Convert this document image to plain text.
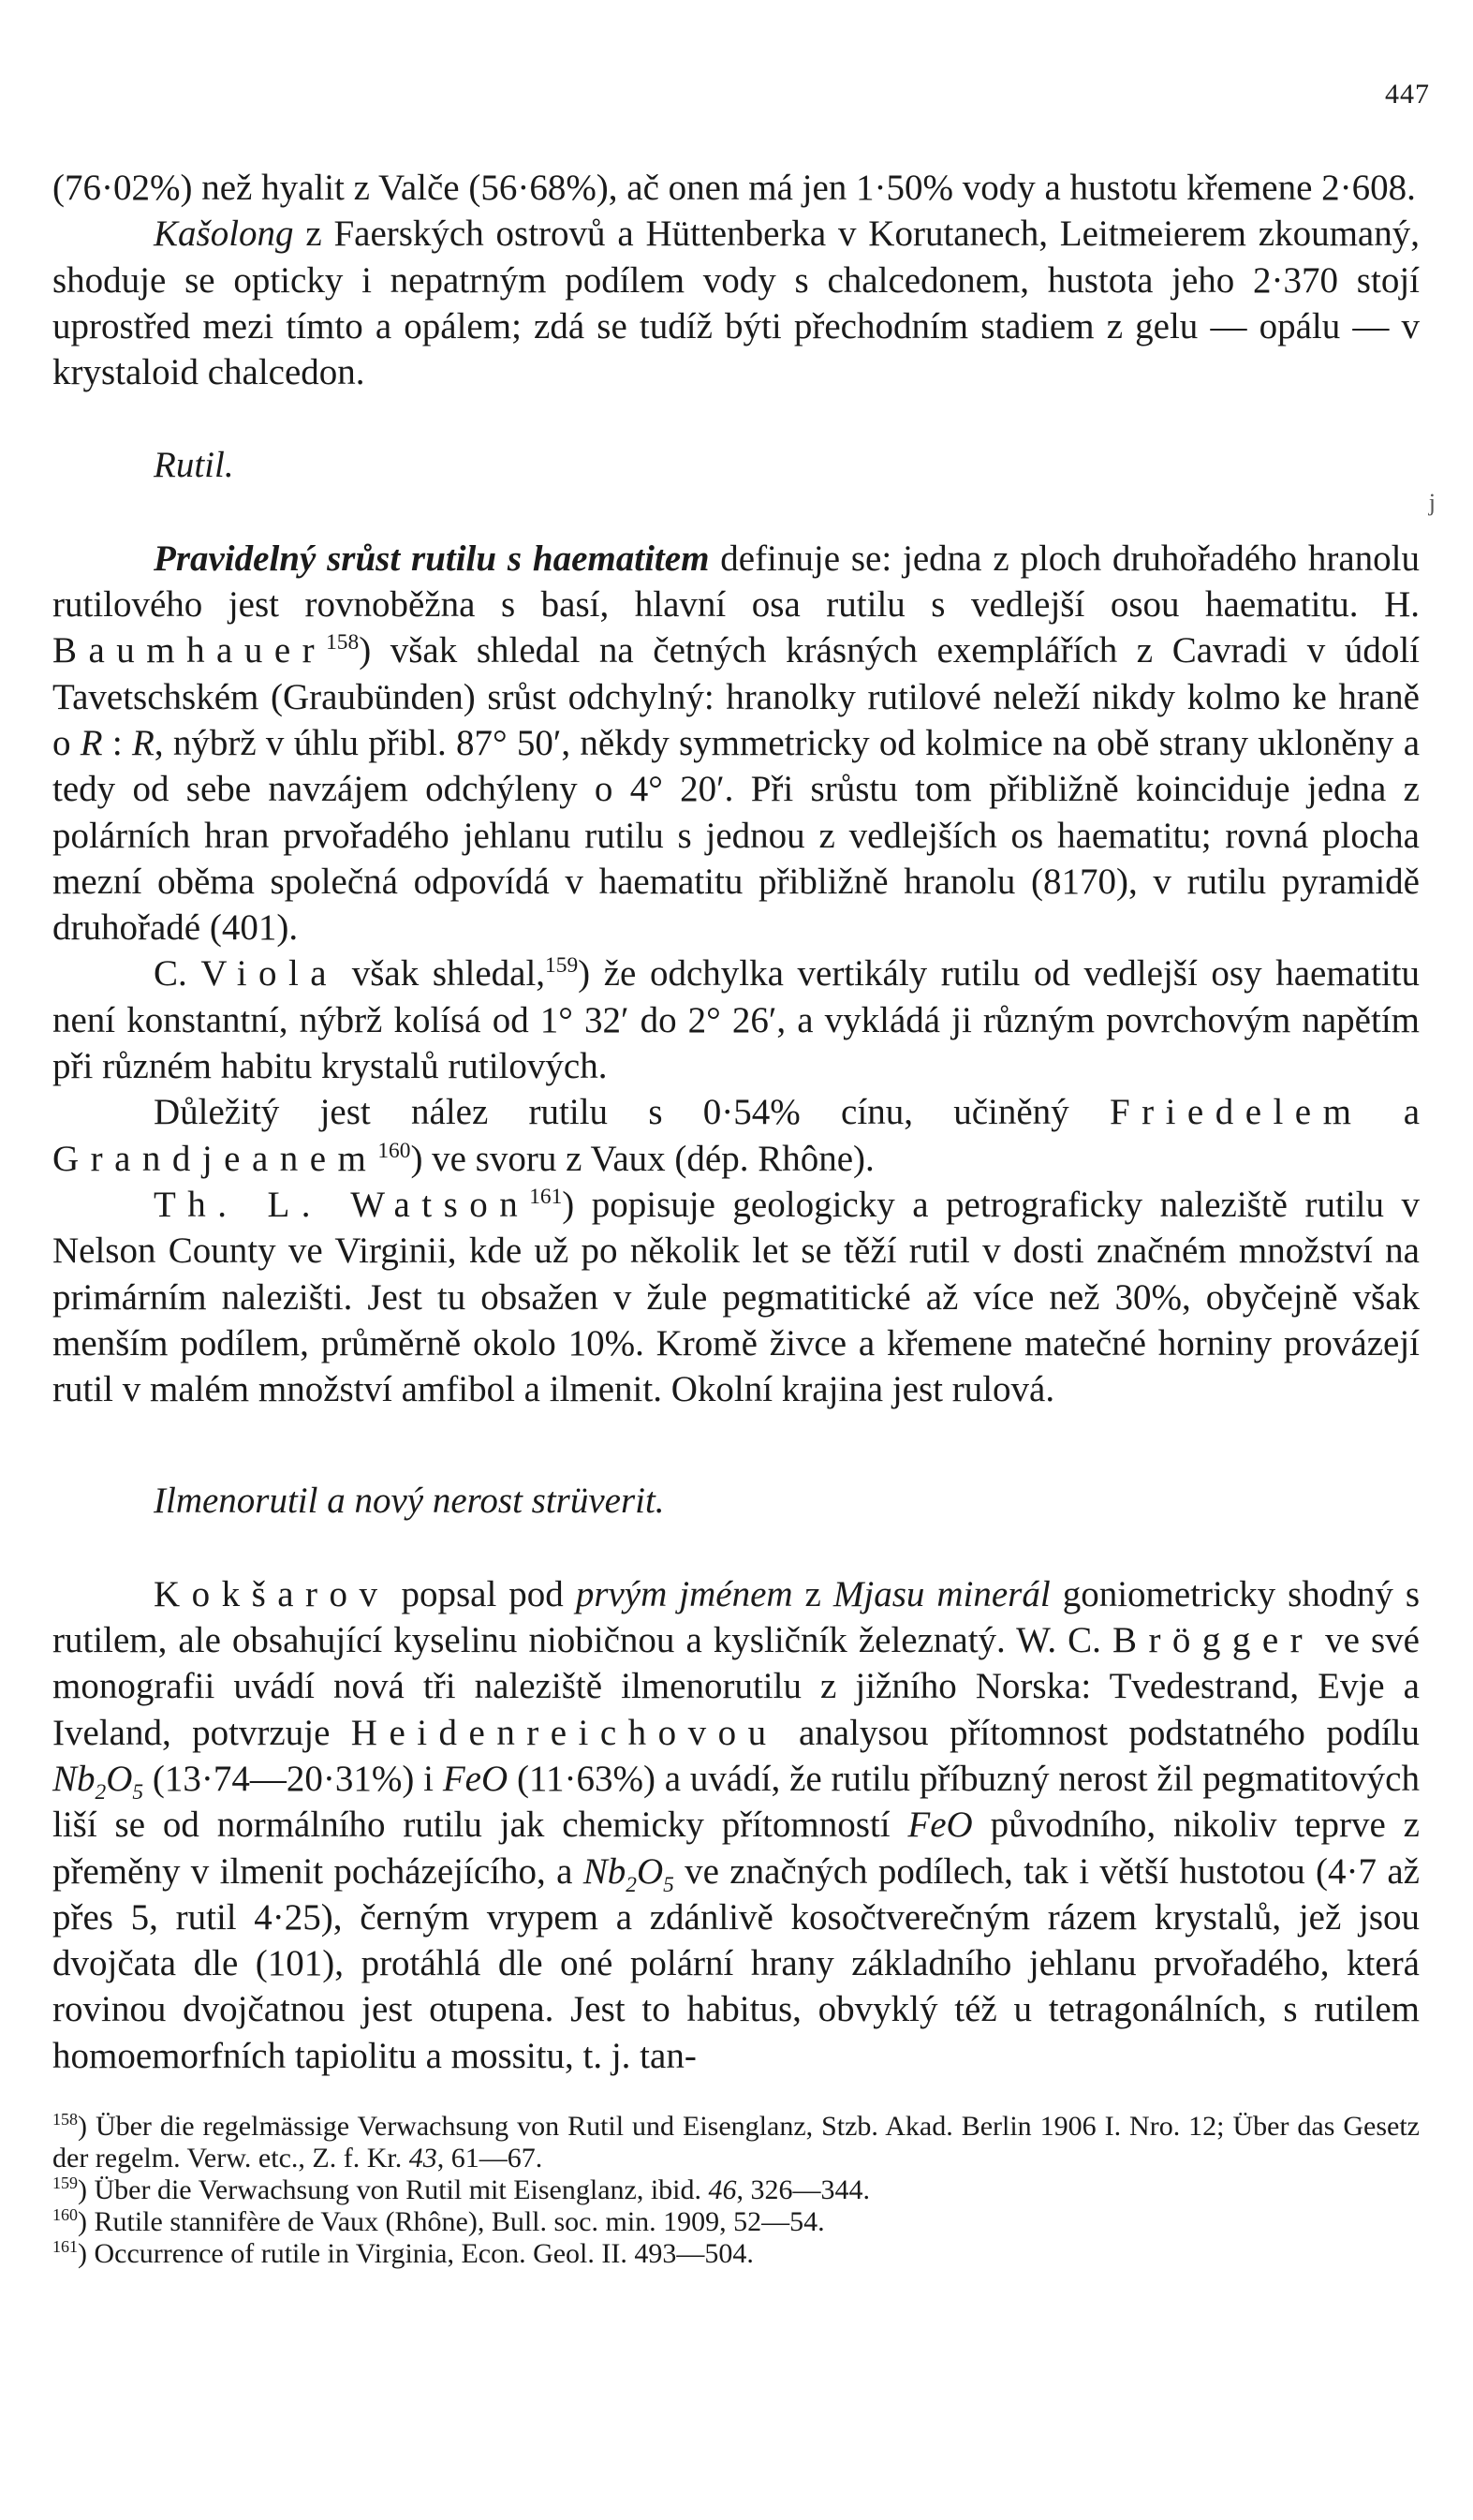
447
j

(76·02%) než hyalit z Valče (56·68%), ač onen má jen 1·50% vody a hustotu křemene 2·608.

Kašolong z Faerských ostrovů a Hüttenberka v Korutanech, Leitmeierem zkoumaný, shoduje se opticky i nepatrným podílem vody s chalcedonem, hustota jeho 2·370 stojí uprostřed mezi tímto a opálem; zdá se tudíž býti přechodním stadiem z gelu — opálu — v krystaloid chalcedon.

Rutil.

Pravidelný srůst rutilu s haematitem definuje se: jedna z ploch druhořadého hranolu rutilového jest rovnoběžna s basí, hlavní osa rutilu s vedlejší osou haematitu. H. Baumhauer$^{158}$) však shledal na četných krásných exemplářích z Cavradi v údolí Tavetschském (Graubünden) srůst odchylný: hranolky rutilové neleží nikdy kolmo ke hraně o R : R, nýbrž v úhlu přibl. 87° 50′, někdy symmetricky od kolmice na obě strany ukloněny a tedy od sebe navzájem odchýleny o 4° 20′. Při srůstu tom přibližně koinciduje jedna z polárních hran prvořadého jehlanu rutilu s jednou z vedlejších os haematitu; rovná plocha mezní oběma společná odpovídá v haematitu přibližně hranolu (8170), v rutilu pyramidě druhořadé (401).

C. Viola však shledal,$^{159}$) že odchylka vertikály rutilu od vedlejší osy haematitu není konstantní, nýbrž kolísá od 1° 32′ do 2° 26′, a vykládá ji různým povrchovým napětím při různém habitu krystalů rutilových.

Důležitý jest nález rutilu s 0·54% cínu, učiněný Friedelem a Grandjeanem$^{160}$) ve svoru z Vaux (dép. Rhône).

Th. L. Watson$^{161}$) popisuje geologicky a petrograficky naleziště rutilu v Nelson County ve Virginii, kde už po několik let se těží rutil v dosti značném množství na primárním nalezišti. Jest tu obsažen v žule pegmatitické až více než 30%, obyčejně však menším podílem, průměrně okolo 10%. Kromě živce a křemene matečné horniny provázejí rutil v malém množství amfibol a ilmenit. Okolní krajina jest rulová.

Ilmenorutil a nový nerost strüverit.

Kokšarov popsal pod prvým jménem z Mjasu minerál goniometricky shodný s rutilem, ale obsahující kyselinu niobičnou a kysličník železnatý. W. C. Brögger ve své monografii uvádí nová tři naleziště ilmenorutilu z jižního Norska: Tvedestrand, Evje a Iveland, potvrzuje Heidenreichovou analysou přítomnost podstatného podílu $Nb_2O_5$ (13·74—20·31%) i FeO (11·63%) a uvádí, že rutilu příbuzný nerost žil pegmatitových liší se od normálního rutilu jak chemicky přítomností FeO původního, nikoliv teprve z přeměny v ilmenit pocházejícího, a $Nb_2O_5$ ve značných podílech, tak i větší hustotou (4·7 až přes 5, rutil 4·25), černým vrypem a zdánlivě kosočtverečným rázem krystalů, jež jsou dvojčata dle (101), protáhlá dle oné polární hrany základního jehlanu prvořadého, která rovinou dvojčatnou jest otupena. Jest to habitus, obvyklý též u tetragonálních, s rutilem homoemorfních tapiolitu a mossitu, t. j. tan-

$^{158}$) Über die regelmässige Verwachsung von Rutil und Eisenglanz, Stzb. Akad. Berlin 1906 I. Nro. 12; Über das Gesetz der regelm. Verw. etc., Z. f. Kr. 43, 61—67.

$^{159}$) Über die Verwachsung von Rutil mit Eisenglanz, ibid. 46, 326—344.

$^{160}$) Rutile stannifère de Vaux (Rhône), Bull. soc. min. 1909, 52—54.

$^{161}$) Occurrence of rutile in Virginia, Econ. Geol. II. 493—504.
